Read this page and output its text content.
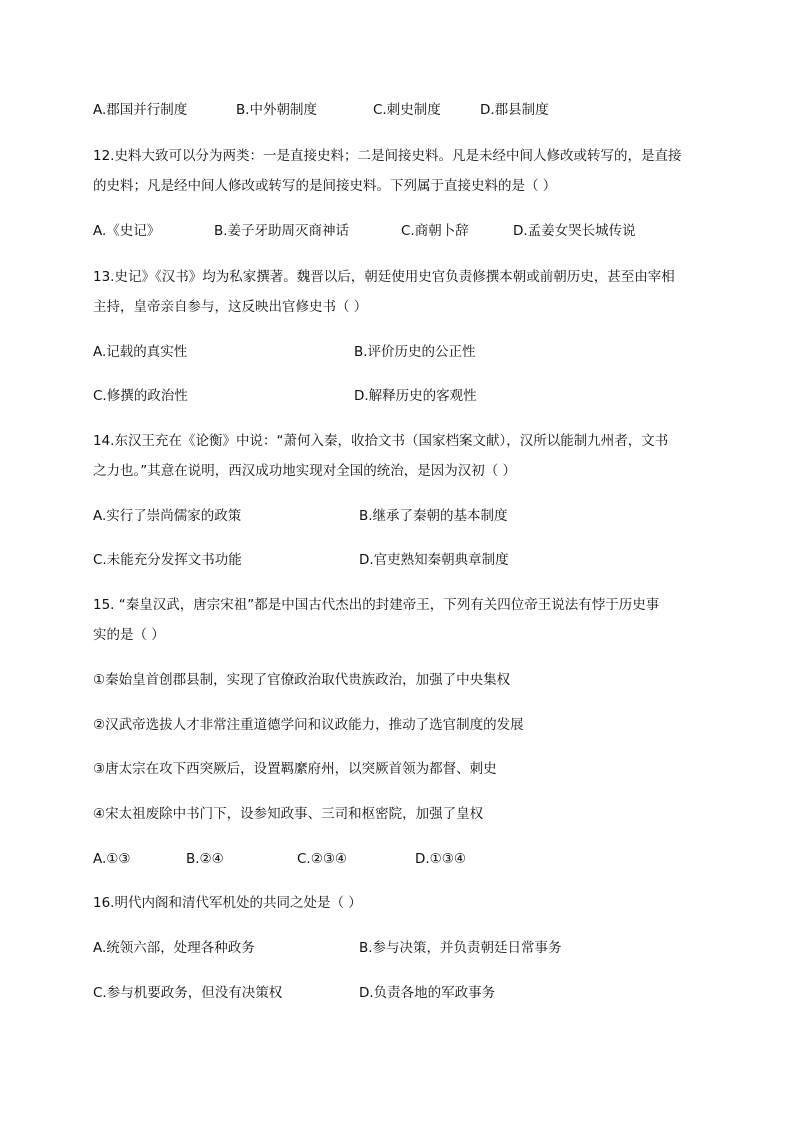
A.郡国并行制度	B.中外朝制度	C.刺史制度	D.郡县制度
12.史料大致可以分为两类：一是直接史料；二是间接史料。凡是未经中间人修改或转写的，是直接
的史料；凡是经中间人修改或转写的是间接史料。下列属于直接史料的是（ ）
A.《史记》	B.姜子牙助周灭商神话	C.商朝卜辞	D.孟姜女哭长城传说
13.史记》《汉书》均为私家撰著。魏晋以后，朝廷使用史官负责修撰本朝或前朝历史，甚至由宰相
主持，皇帝亲自参与，这反映出官修史书（ ）
A.记载的真实性	B.评价历史的公正性
C.修撰的政治性	D.解释历史的客观性
14.东汉王充在《论衡》中说：“萧何入秦，收拾文书（国家档案文献），汉所以能制九州者，文书
之力也。”其意在说明，西汉成功地实现对全国的统治，是因为汉初（ ）
A.实行了崇尚儒家的政策	B.继承了秦朝的基本制度
C.未能充分发挥文书功能	D.官吏熟知秦朝典章制度
15. “秦皇汉武，唐宗宋祖”都是中国古代杰出的封建帝王，下列有关四位帝王说法有悖于历史事
实的是（ ）
①秦始皇首创郡县制，实现了官僚政治取代贵族政治，加强了中央集权
②汉武帝选拔人才非常注重道德学问和议政能力，推动了选官制度的发展
③唐太宗在攻下西突厥后，设置羁縻府州，以突厥首领为都督、刺史
④宋太祖废除中书门下，设参知政事、三司和枢密院，加强了皇权
A.①③	B.②④	C.②③④	D.①③④
16.明代内阁和清代军机处的共同之处是（ ）
A.统领六部，处理各种政务	B.参与决策，并负责朝廷日常事务
C.参与机要政务，但没有决策权	D.负责各地的军政事务
